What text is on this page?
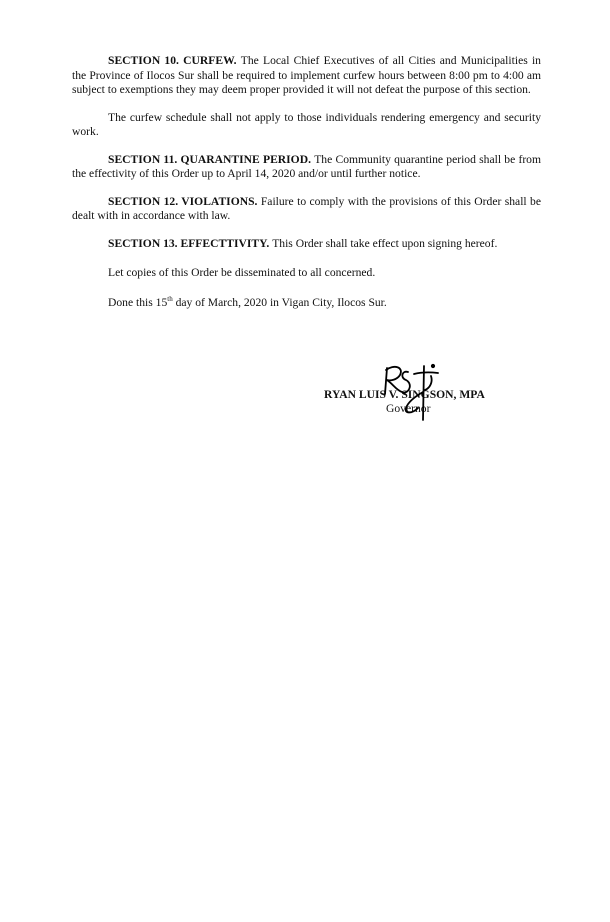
SECTION 10. CURFEW. The Local Chief Executives of all Cities and Municipalities in the Province of Ilocos Sur shall be required to implement curfew hours between 8:00 pm to 4:00 am subject to exemptions they may deem proper provided it will not defeat the purpose of this section.

The curfew schedule shall not apply to those individuals rendering emergency and security work.

SECTION 11. QUARANTINE PERIOD. The Community quarantine period shall be from the effectivity of this Order up to April 14, 2020 and/or until further notice.

SECTION 12. VIOLATIONS. Failure to comply with the provisions of this Order shall be dealt with in accordance with law.

SECTION 13. EFFECTTIVITY. This Order shall take effect upon signing hereof.

Let copies of this Order be disseminated to all concerned.

Done this 15th day of March, 2020 in Vigan City, Ilocos Sur.

RYAN LUIS V. SINGSON, MPA
Governor
